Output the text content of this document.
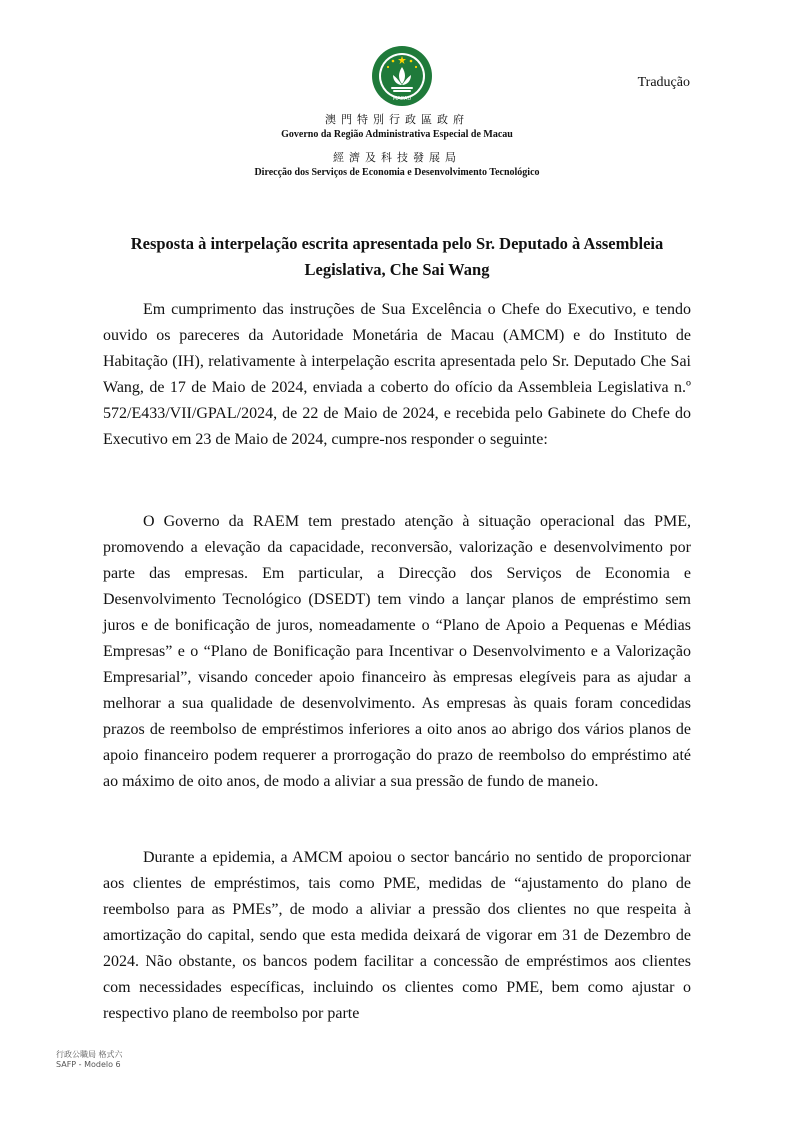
MACAU
Tradução
澳門特別行政區政府
Governo da Região Administrativa Especial de Macau
經濟及科技發展局
Direcção dos Serviços de Economia e Desenvolvimento Tecnológico
Resposta à interpelação escrita apresentada pelo Sr. Deputado à Assembleia Legislativa, Che Sai Wang

Em cumprimento das instruções de Sua Excelência o Chefe do Executivo, e tendo ouvido os pareceres da Autoridade Monetária de Macau (AMCM) e do Instituto de Habitação (IH), relativamente à interpelação escrita apresentada pelo Sr. Deputado Che Sai Wang, de 17 de Maio de 2024, enviada a coberto do ofício da Assembleia Legislativa n.º 572/E433/VII/GPAL/2024, de 22 de Maio de 2024, e recebida pelo Gabinete do Chefe do Executivo em 23 de Maio de 2024, cumpre-nos responder o seguinte:

O Governo da RAEM tem prestado atenção à situação operacional das PME, promovendo a elevação da capacidade, reconversão, valorização e desenvolvimento por parte das empresas. Em particular, a Direcção dos Serviços de Economia e Desenvolvimento Tecnológico (DSEDT) tem vindo a lançar planos de empréstimo sem juros e de bonificação de juros, nomeadamente o “Plano de Apoio a Pequenas e Médias Empresas” e o “Plano de Bonificação para Incentivar o Desenvolvimento e a Valorização Empresarial”, visando conceder apoio financeiro às empresas elegíveis para as ajudar a melhorar a sua qualidade de desenvolvimento. As empresas às quais foram concedidas prazos de reembolso de empréstimos inferiores a oito anos ao abrigo dos vários planos de apoio financeiro podem requerer a prorrogação do prazo de reembolso do empréstimo até ao máximo de oito anos, de modo a aliviar a sua pressão de fundo de maneio.

Durante a epidemia, a AMCM apoiou o sector bancário no sentido de proporcionar aos clientes de empréstimos, tais como PME, medidas de “ajustamento do plano de reembolso para as PMEs”, de modo a aliviar a pressão dos clientes no que respeita à amortização do capital, sendo que esta medida deixará de vigorar em 31 de Dezembro de 2024. Não obstante, os bancos podem facilitar a concessão de empréstimos aos clientes com necessidades específicas, incluindo os clientes como PME, bem como ajustar o respectivo plano de reembolso por parte

行政公職局 格式六
SAFP - Modelo 6
